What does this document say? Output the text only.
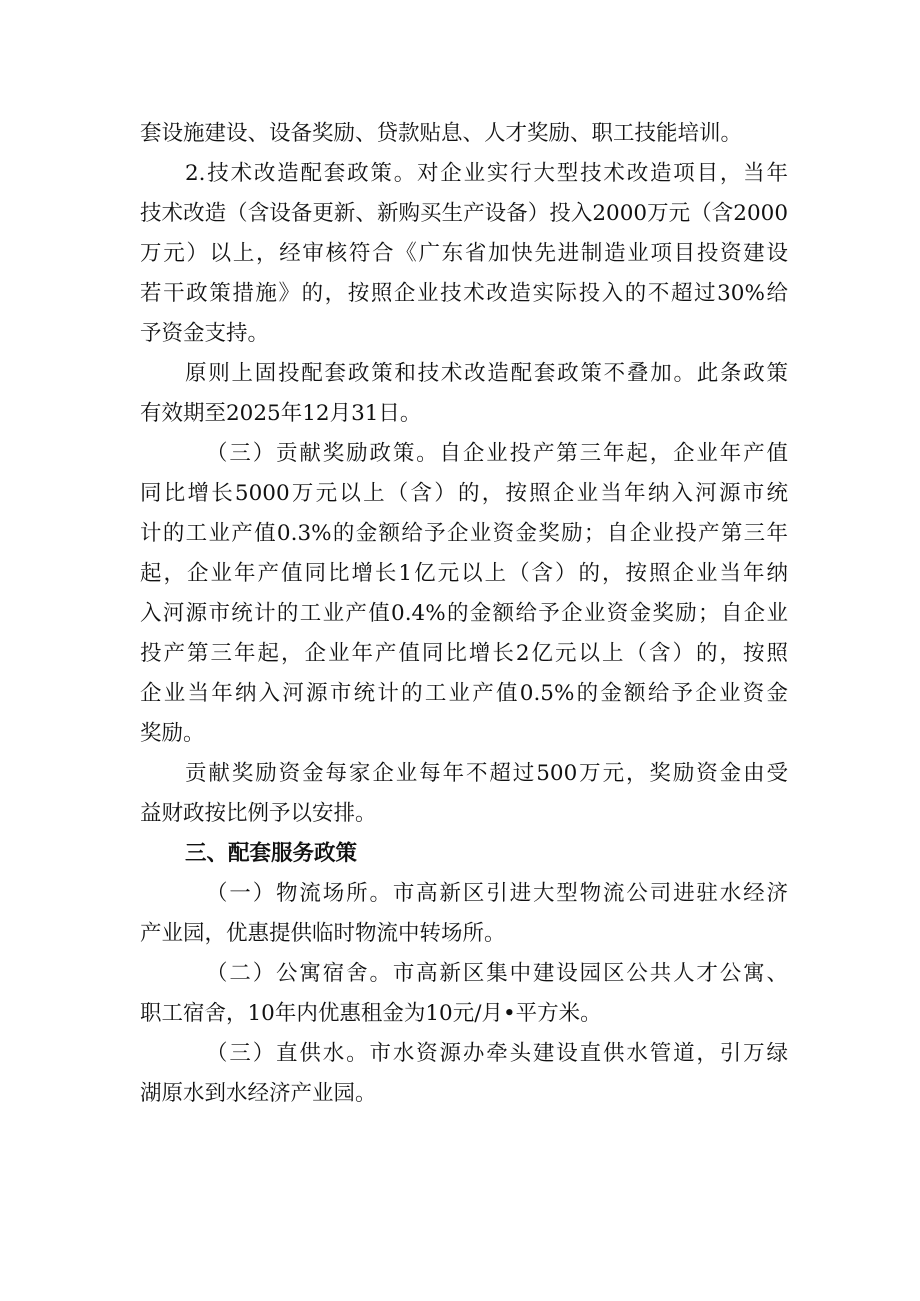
套设施建设、设备奖励、贷款贴息、人才奖励、职工技能培训。
2.技术改造配套政策。对企业实行大型技术改造项目，当年
技术改造（含设备更新、新购买生产设备）投入2000万元（含2000
万元）以上，经审核符合《广东省加快先进制造业项目投资建设
若干政策措施》的，按照企业技术改造实际投入的不超过30%给
予资金支持。
原则上固投配套政策和技术改造配套政策不叠加。此条政策
有效期至2025年12月31日。
（三）贡献奖励政策。自企业投产第三年起，企业年产值
同比增长5000万元以上（含）的，按照企业当年纳入河源市统
计的工业产值0.3%的金额给予企业资金奖励；自企业投产第三年
起，企业年产值同比增长1亿元以上（含）的，按照企业当年纳
入河源市统计的工业产值0.4%的金额给予企业资金奖励；自企业
投产第三年起，企业年产值同比增长2亿元以上（含）的，按照
企业当年纳入河源市统计的工业产值0.5%的金额给予企业资金
奖励。
贡献奖励资金每家企业每年不超过500万元，奖励资金由受
益财政按比例予以安排。
三、配套服务政策
（一）物流场所。市高新区引进大型物流公司进驻水经济
产业园，优惠提供临时物流中转场所。
（二）公寓宿舍。市高新区集中建设园区公共人才公寓、
职工宿舍，10年内优惠租金为10元/月•平方米。
（三）直供水。市水资源办牵头建设直供水管道，引万绿
湖原水到水经济产业园。
